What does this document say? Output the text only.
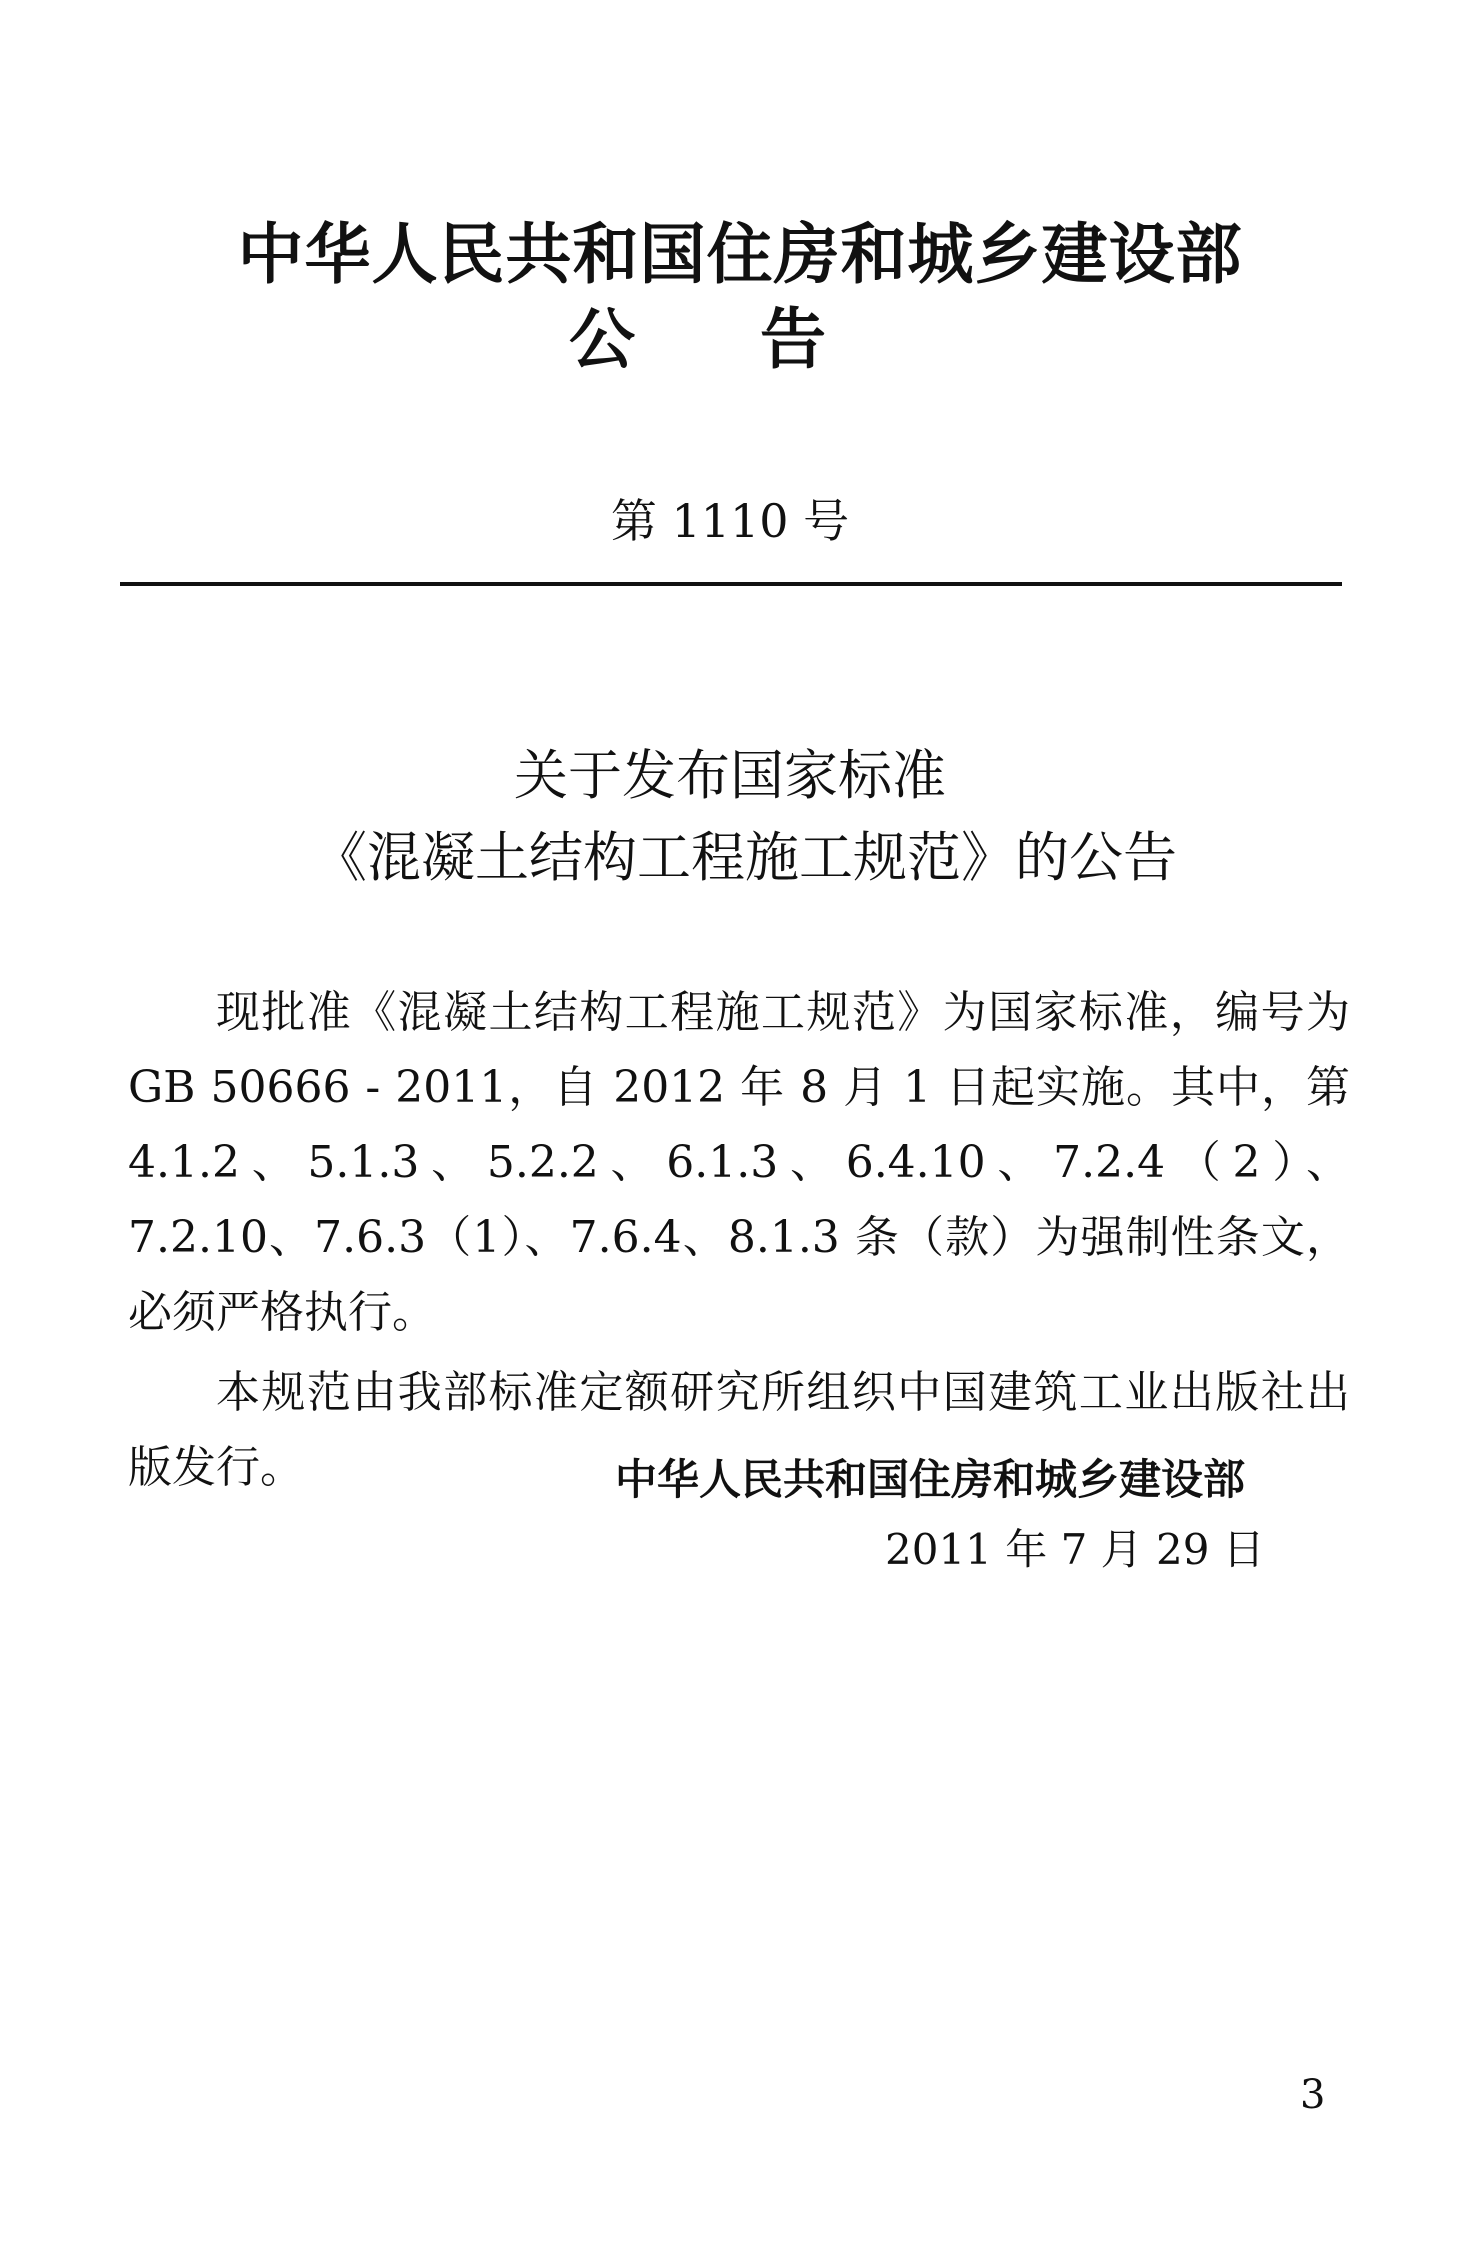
中华人民共和国住房和城乡建设部
公告
第 1110 号
关于发布国家标准
《混凝土结构工程施工规范》的公告

现批准《混凝土结构工程施工规范》为国家标准，编号为 GB 50666 - 2011，自 2012 年 8 月 1 日起实施。其中，第 4.1.2、5.1.3、5.2.2、6.1.3、6.4.10、7.2.4（2）、7.2.10、7.6.3（1）、7.6.4、8.1.3 条（款）为强制性条文，必须严格执行。

本规范由我部标准定额研究所组织中国建筑工业出版社出版发行。	中华人民共和国住房和城乡建设部
2011 年 7 月 29 日
3
